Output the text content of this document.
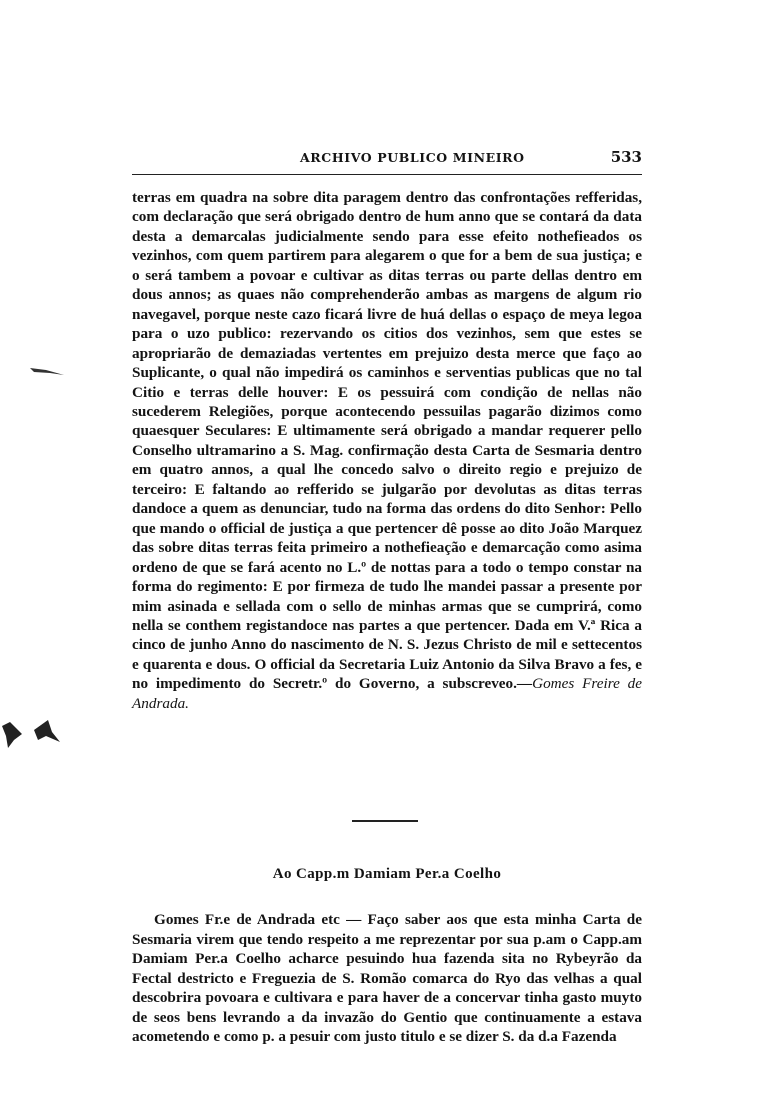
ARCHIVO PUBLICO MINEIRO	533

terras em quadra na sobre dita paragem dentro das confrontações refferidas, com declaração que será obrigado dentro de hum anno que se contará da data desta a demarcalas judicialmente sendo para esse efeito nothefieados os vezinhos, com quem partirem para alegarem o que for a bem de sua justiça; e o será tambem a povoar e cultivar as ditas terras ou parte dellas dentro em dous annos; as quaes não comprehenderão ambas as margens de algum rio navegavel, porque neste cazo ficará livre de huá dellas o espaço de meya legoa para o uzo publico: rezervando os citios dos vezinhos, sem que estes se apropriarão de demaziadas vertentes em prejuizo desta merce que faço ao Suplicante, o qual não impedirá os caminhos e serventias publicas que no tal Citio e terras delle houver: E os pessuirá com condição de nellas não sucederem Relegiões, porque acontecendo pessuilas pagarão dizimos como quaesquer Seculares: E ultimamente será obrigado a mandar requerer pello Conselho ultramarino a S. Mag. confirmação desta Carta de Sesmaria dentro em quatro annos, a qual lhe concedo salvo o direito regio e prejuizo de terceiro: E faltando ao refferido se julgarão por devolutas as ditas terras dandoce a quem as denunciar, tudo na forma das ordens do dito Senhor: Pello que mando o official de justiça a que pertencer dê posse ao dito João Marquez das sobre ditas terras feita primeiro a nothefieação e demarcação como asima ordeno de que se fará acento no L.º de nottas para a todo o tempo constar na forma do regimento: E por firmeza de tudo lhe mandei passar a presente por mim asinada e sellada com o sello de minhas armas que se cumprirá, como nella se conthem registandoce nas partes a que pertencer. Dada em V.ª Rica a cinco de junho Anno do nascimento de N. S. Jezus Christo de mil e settecentos e quarenta e dous. O official da Secretaria Luiz Antonio da Silva Bravo a fes, e no impedimento do Secretr.º do Governo, a subscreveo.—Gomes Freire de Andrada.

Ao Capp.m Damiam Per.a Coelho

Gomes Fr.e de Andrada etc — Faço saber aos que esta minha Carta de Sesmaria virem que tendo respeito a me reprezentar por sua p.am o Capp.am Damiam Per.a Coelho acharce pesuindo hua fazenda sita no Rybeyrão da Fectal destricto e Freguezia de S. Romão comarca do Ryo das velhas a qual descobrira povoara e cultivara e para haver de a concervar tinha gasto muyto de seos bens levrando a da invazão do Gentio que continuamente a estava acometendo e como p. a pesuir com justo titulo e se dizer S. da d.a Fazenda
